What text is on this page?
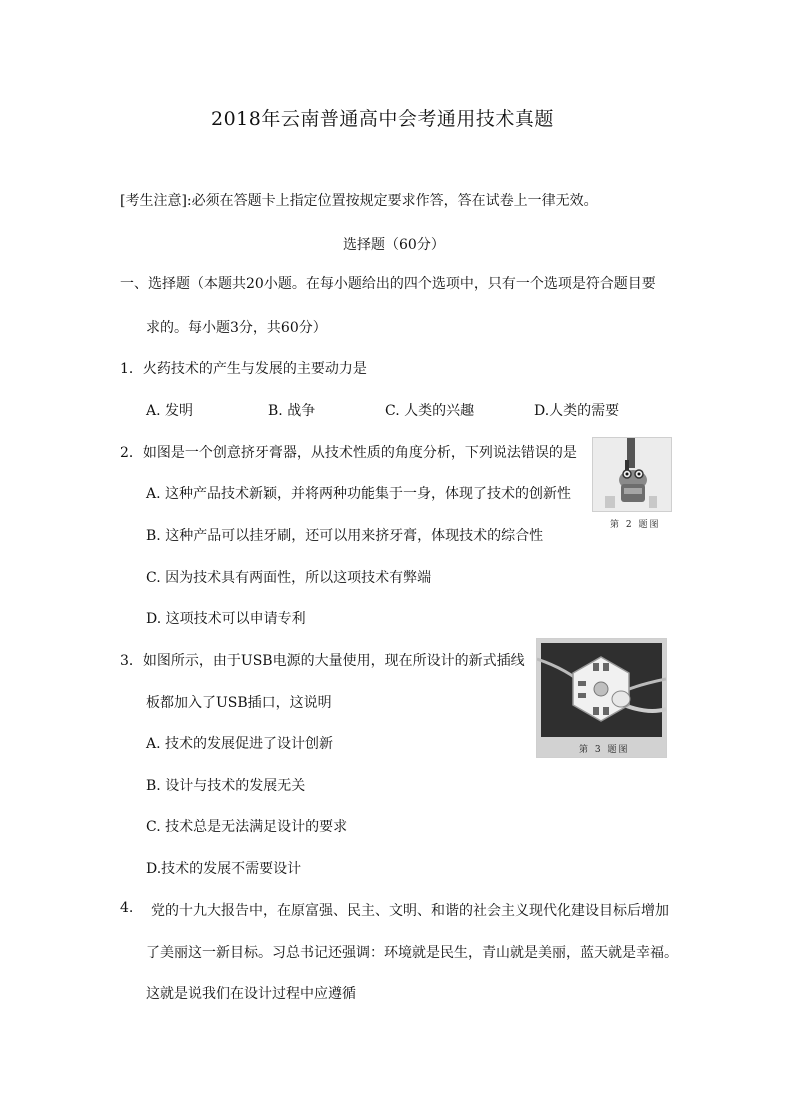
2018年云南普通高中会考通用技术真题
[考生注意]:必须在答题卡上指定位置按规定要求作答，答在试卷上一律无效。
选择题（60分）
一、选择题（本题共20小题。在每小题给出的四个选项中，只有一个选项是符合题目要
求的。每小题3分，共60分）
1．火药技术的产生与发展的主要动力是
A. 发明	B. 战争	C. 人类的兴趣	D.人类的需要
2．如图是一个创意挤牙膏器，从技术性质的角度分析，下列说法错误的是
A. 这种产品技术新颖，并将两种功能集于一身，体现了技术的创新性
B. 这种产品可以挂牙刷，还可以用来挤牙膏，体现技术的综合性
C. 因为技术具有两面性，所以这项技术有弊端
D. 这项技术可以申请专利
第 2 题图
3．如图所示，由于USB电源的大量使用，现在所设计的新式插线
板都加入了USB插口，这说明
A. 技术的发展促进了设计创新
B. 设计与技术的发展无关
C. 技术总是无法满足设计的要求
D.技术的发展不需要设计
第 3 题图
4. 党的十九大报告中，在原富强、民主、文明、和谐的社会主义现代化建设目标后增加
了美丽这一新目标。习总书记还强调：环境就是民生，青山就是美丽，蓝天就是幸福。
这就是说我们在设计过程中应遵循
